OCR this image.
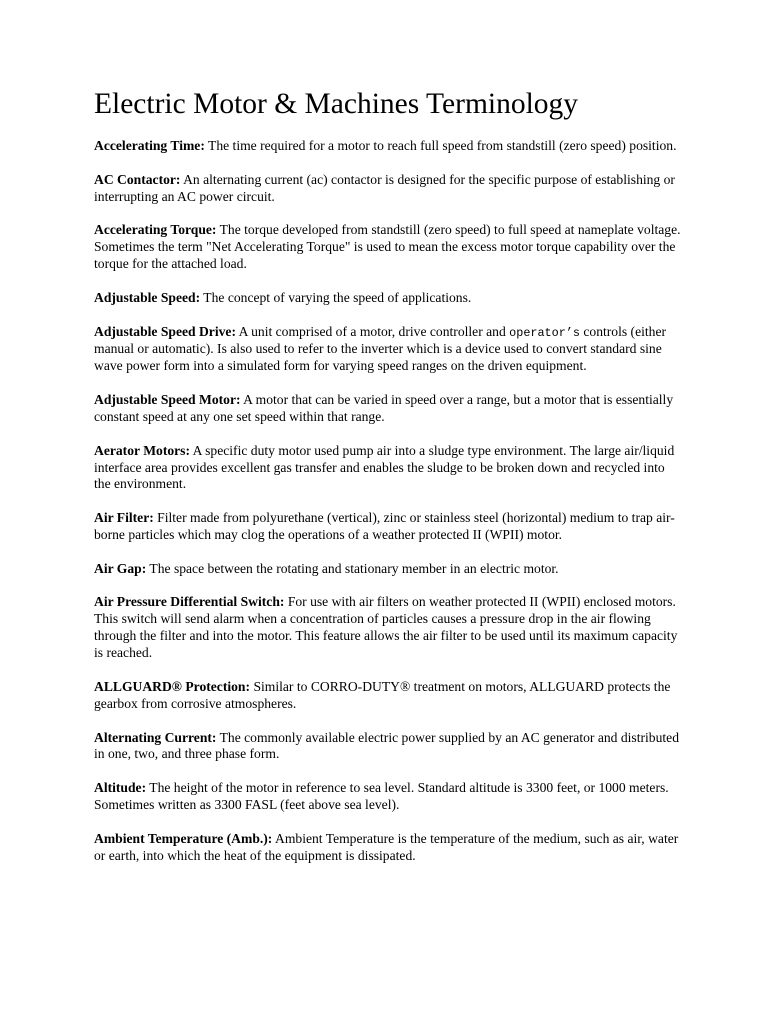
Electric Motor & Machines Terminology

Accelerating Time: The time required for a motor to reach full speed from standstill (zero speed) position.

AC Contactor: An alternating current (ac) contactor is designed for the specific purpose of establishing or interrupting an AC power circuit.

Accelerating Torque: The torque developed from standstill (zero speed) to full speed at nameplate voltage. Sometimes the term "Net Accelerating Torque" is used to mean the excess motor torque capability over the torque for the attached load.

Adjustable Speed: The concept of varying the speed of applications.

Adjustable Speed Drive: A unit comprised of a motor, drive controller and operator’s controls (either manual or automatic). Is also used to refer to the inverter which is a device used to convert standard sine wave power form into a simulated form for varying speed ranges on the driven equipment.

Adjustable Speed Motor: A motor that can be varied in speed over a range, but a motor that is essentially constant speed at any one set speed within that range.

Aerator Motors: A specific duty motor used pump air into a sludge type environment. The large air/liquid interface area provides excellent gas transfer and enables the sludge to be broken down and recycled into the environment.

Air Filter: Filter made from polyurethane (vertical), zinc or stainless steel (horizontal) medium to trap air-borne particles which may clog the operations of a weather protected II (WPII) motor.

Air Gap: The space between the rotating and stationary member in an electric motor.

Air Pressure Differential Switch: For use with air filters on weather protected II (WPII) enclosed motors. This switch will send alarm when a concentration of particles causes a pressure drop in the air flowing through the filter and into the motor. This feature allows the air filter to be used until its maximum capacity is reached.

ALLGUARD® Protection: Similar to CORRO-DUTY® treatment on motors, ALLGUARD protects the gearbox from corrosive atmospheres.

Alternating Current: The commonly available electric power supplied by an AC generator and distributed in one, two, and three phase form.

Altitude: The height of the motor in reference to sea level. Standard altitude is 3300 feet, or 1000 meters. Sometimes written as 3300 FASL (feet above sea level).

Ambient Temperature (Amb.): Ambient Temperature is the temperature of the medium, such as air, water or earth, into which the heat of the equipment is dissipated.
